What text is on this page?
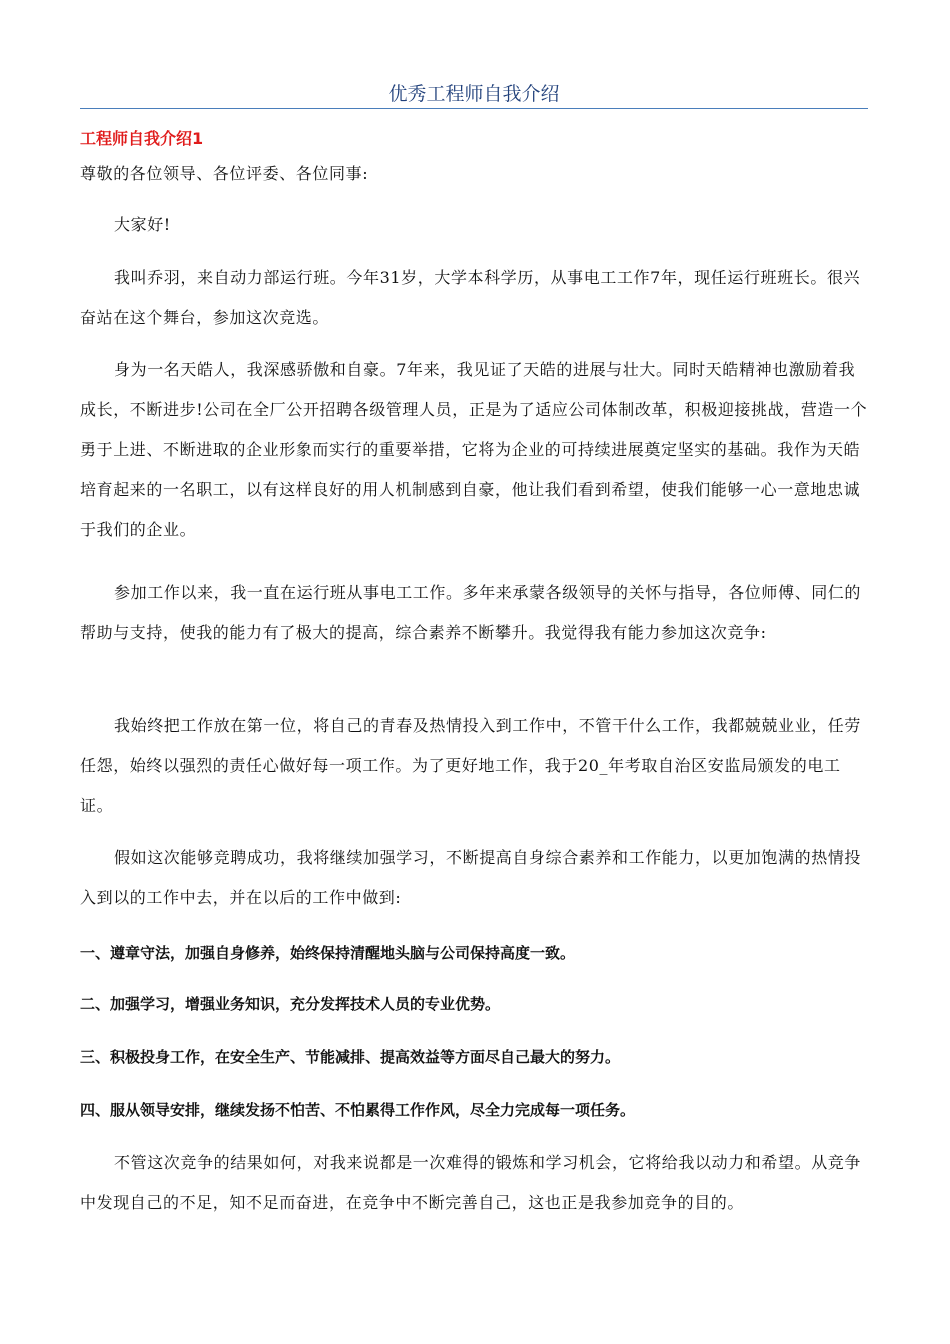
优秀工程师自我介绍
工程师自我介绍1
尊敬的各位领导、各位评委、各位同事:
大家好!
我叫乔羽，来自动力部运行班。今年31岁，大学本科学历，从事电工工作7年，现任运行班班长。很兴奋站在这个舞台，参加这次竞选。
身为一名天皓人，我深感骄傲和自豪。7年来，我见证了天皓的进展与壮大。同时天皓精神也激励着我成长，不断进步!公司在全厂公开招聘各级管理人员，正是为了适应公司体制改革，积极迎接挑战，营造一个勇于上进、不断进取的企业形象而实行的重要举措，它将为企业的可持续进展奠定坚实的基础。我作为天皓培育起来的一名职工，以有这样良好的用人机制感到自豪，他让我们看到希望，使我们能够一心一意地忠诚于我们的企业。
参加工作以来，我一直在运行班从事电工工作。多年来承蒙各级领导的关怀与指导，各位师傅、同仁的帮助与支持，使我的能力有了极大的提高，综合素养不断攀升。我觉得我有能力参加这次竞争:
我始终把工作放在第一位，将自己的青春及热情投入到工作中，不管干什么工作，我都兢兢业业，任劳任怨，始终以强烈的责任心做好每一项工作。为了更好地工作，我于20_年考取自治区安监局颁发的电工证。
假如这次能够竞聘成功，我将继续加强学习，不断提高自身综合素养和工作能力，以更加饱满的热情投入到以的工作中去，并在以后的工作中做到:
一、遵章守法，加强自身修养，始终保持清醒地头脑与公司保持高度一致。
二、加强学习，增强业务知识，充分发挥技术人员的专业优势。
三、积极投身工作，在安全生产、节能减排、提高效益等方面尽自己最大的努力。
四、服从领导安排，继续发扬不怕苦、不怕累得工作作风，尽全力完成每一项任务。
不管这次竞争的结果如何，对我来说都是一次难得的锻炼和学习机会，它将给我以动力和希望。从竞争中发现自己的不足，知不足而奋进，在竞争中不断完善自己，这也正是我参加竞争的目的。
